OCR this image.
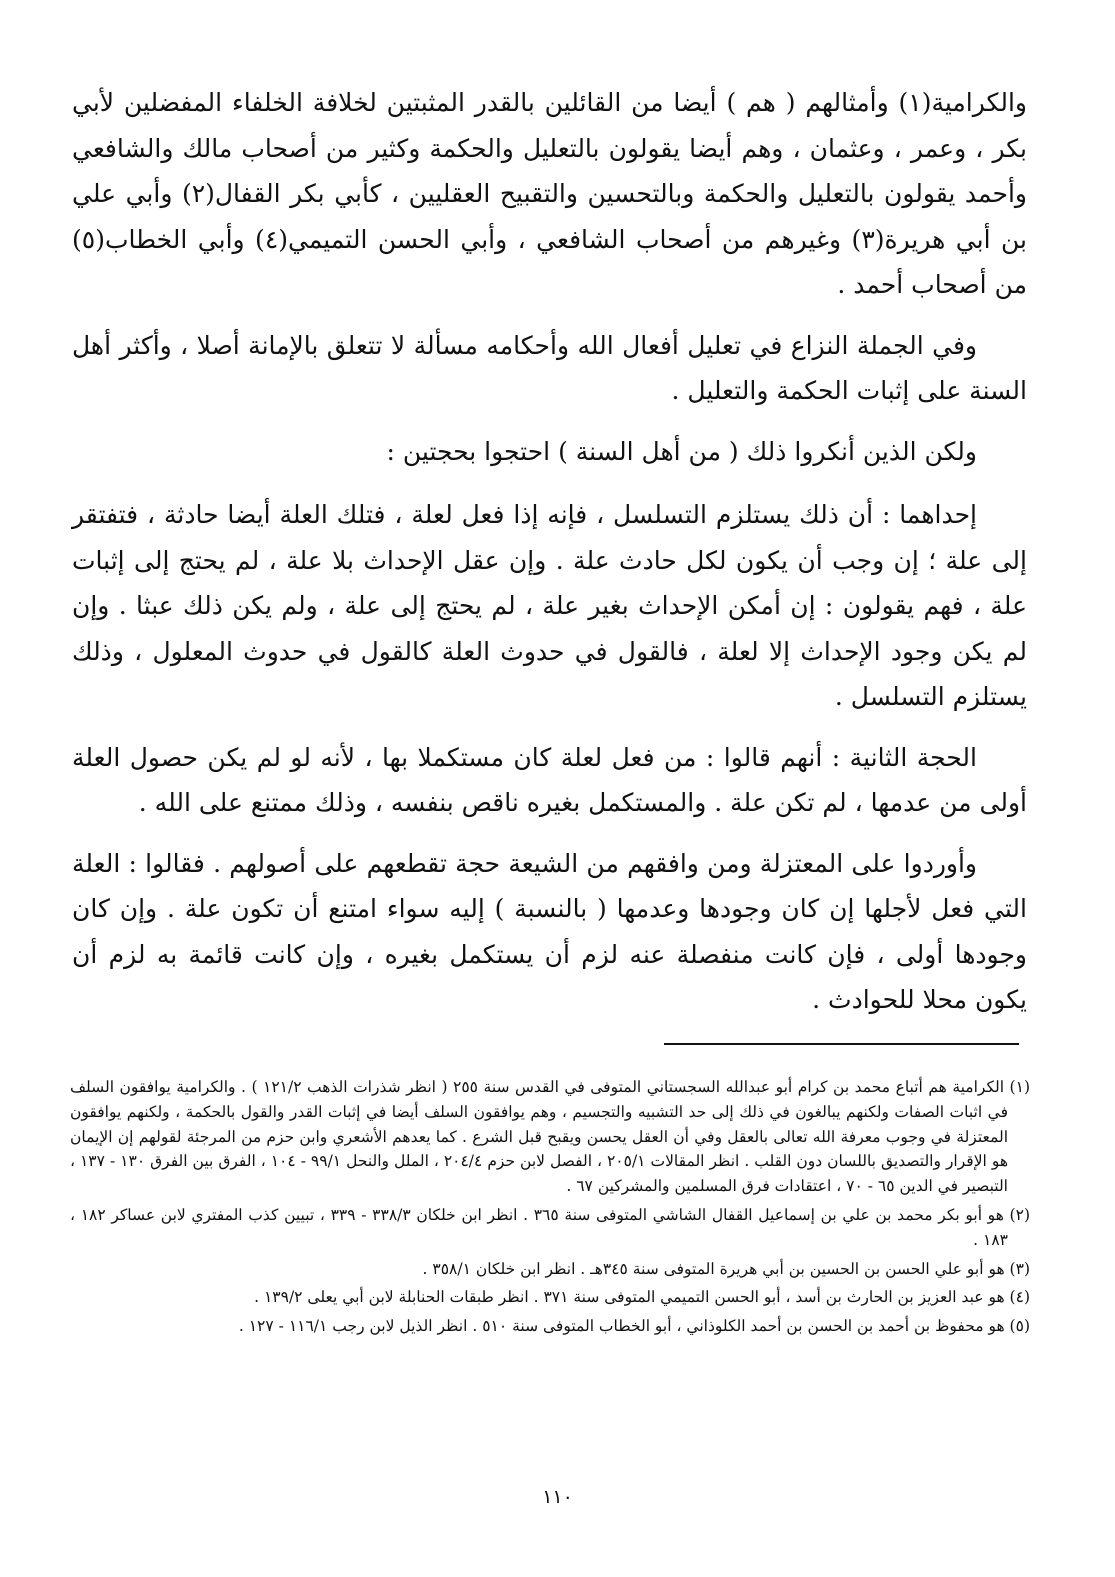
والكرامية(١) وأمثالهم ( هم ) أيضا من القائلين بالقدر المثبتين لخلافة الخلفاء المفضلين لأبي بكر ، وعمر ، وعثمان ، وهم أيضا يقولون بالتعليل والحكمة وكثير من أصحاب مالك والشافعي وأحمد يقولون بالتعليل والحكمة وبالتحسين والتقبيح العقليين ، كأبي بكر القفال(٢) وأبي علي بن أبي هريرة(٣) وغيرهم من أصحاب الشافعي ، وأبي الحسن التميمي(٤) وأبي الخطاب(٥) من أصحاب أحمد .

وفي الجملة النزاع في تعليل أفعال الله وأحكامه مسألة لا تتعلق بالإمانة أصلا ، وأكثر أهل السنة على إثبات الحكمة والتعليل .

ولكن الذين أنكروا ذلك ( من أهل السنة ) احتجوا بحجتين :

إحداهما : أن ذلك يستلزم التسلسل ، فإنه إذا فعل لعلة ، فتلك العلة أيضا حادثة ، فتفتقر إلى علة ؛ إن وجب أن يكون لكل حادث علة . وإن عقل الإحداث بلا علة ، لم يحتج إلى إثبات علة ، فهم يقولون : إن أمكن الإحداث بغير علة ، لم يحتج إلى علة ، ولم يكن ذلك عبثا . وإن لم يكن وجود الإحداث إلا لعلة ، فالقول في حدوث العلة كالقول في حدوث المعلول ، وذلك يستلزم التسلسل .

الحجة الثانية : أنهم قالوا : من فعل لعلة كان مستكملا بها ، لأنه لو لم يكن حصول العلة أولى من عدمها ، لم تكن علة . والمستكمل بغيره ناقص بنفسه ، وذلك ممتنع على الله .

وأوردوا على المعتزلة ومن وافقهم من الشيعة حجة تقطعهم على أصولهم . فقالوا : العلة التي فعل لأجلها إن كان وجودها وعدمها ( بالنسبة ) إليه سواء امتنع أن تكون علة . وإن كان وجودها أولى ، فإن كانت منفصلة عنه لزم أن يستكمل بغيره ، وإن كانت قائمة به لزم أن يكون محلا للحوادث .

(١) الكرامية هم أتباع محمد بن كرام أبو عبدالله السجستاني المتوفى في القدس سنة ٢٥٥ ( انظر شذرات الذهب ١٢١/٢ ) . والكرامية يوافقون السلف في اثبات الصفات ولكنهم يبالغون في ذلك إلى حد التشبيه والتجسيم ، وهم يوافقون السلف أيضا في إثبات القدر والقول بالحكمة ، ولكنهم يوافقون المعتزلة في وجوب معرفة الله تعالى بالعقل وفي أن العقل يحسن ويقبح قبل الشرع . كما يعدهم الأشعري وابن حزم من المرجئة لقولهم إن الإيمان هو الإقرار والتصديق باللسان دون القلب . انظر المقالات ٢٠٥/١ ، الفصل لابن حزم ٢٠٤/٤ ، الملل والنحل ٩٩/١ - ١٠٤ ، الفرق بين الفرق ١٣٠ - ١٣٧ ، التبصير في الدين ٦٥ - ٧٠ ، اعتقادات فرق المسلمين والمشركين ٦٧ .

(٢) هو أبو بكر محمد بن علي بن إسماعيل القفال الشاشي المتوفى سنة ٣٦٥ . انظر ابن خلكان ٣٣٨/٣ - ٣٣٩ ، تبيين كذب المفتري لابن عساكر ١٨٢ ، ١٨٣ .

(٣) هو أبو علي الحسن بن الحسين بن أبي هريرة المتوفى سنة ٣٤٥هـ . انظر ابن خلكان ٣٥٨/١ .

(٤) هو عبد العزيز بن الحارث بن أسد ، أبو الحسن التميمي المتوفى سنة ٣٧١ . انظر طبقات الحنابلة لابن أبي يعلى ١٣٩/٢ .

(٥) هو محفوظ بن أحمد بن الحسن بن أحمد الكلوذاني ، أبو الخطاب المتوفى سنة ٥١٠ . انظر الذيل لابن رجب ١١٦/١ - ١٢٧ .

١١٠
